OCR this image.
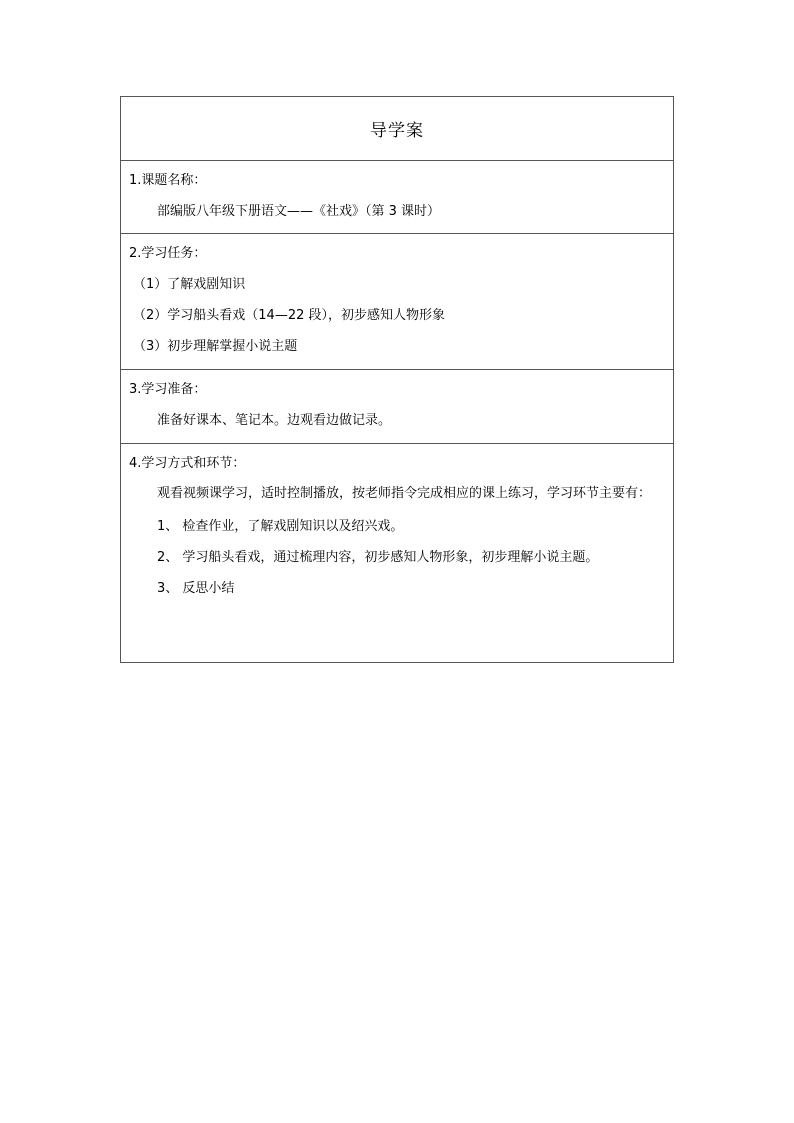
导学案
1.课题名称：
部编版八年级下册语文——《社戏》（第 3 课时）
2.学习任务：
（1）了解戏剧知识
（2）学习船头看戏（14—22 段），初步感知人物形象
（3）初步理解掌握小说主题
3.学习准备：
准备好课本、笔记本。边观看边做记录。
4.学习方式和环节：
观看视频课学习，适时控制播放，按老师指令完成相应的课上练习，学习环节主要有：
1、 检查作业，了解戏剧知识以及绍兴戏。
2、 学习船头看戏，通过梳理内容，初步感知人物形象，初步理解小说主题。
3、 反思小结
